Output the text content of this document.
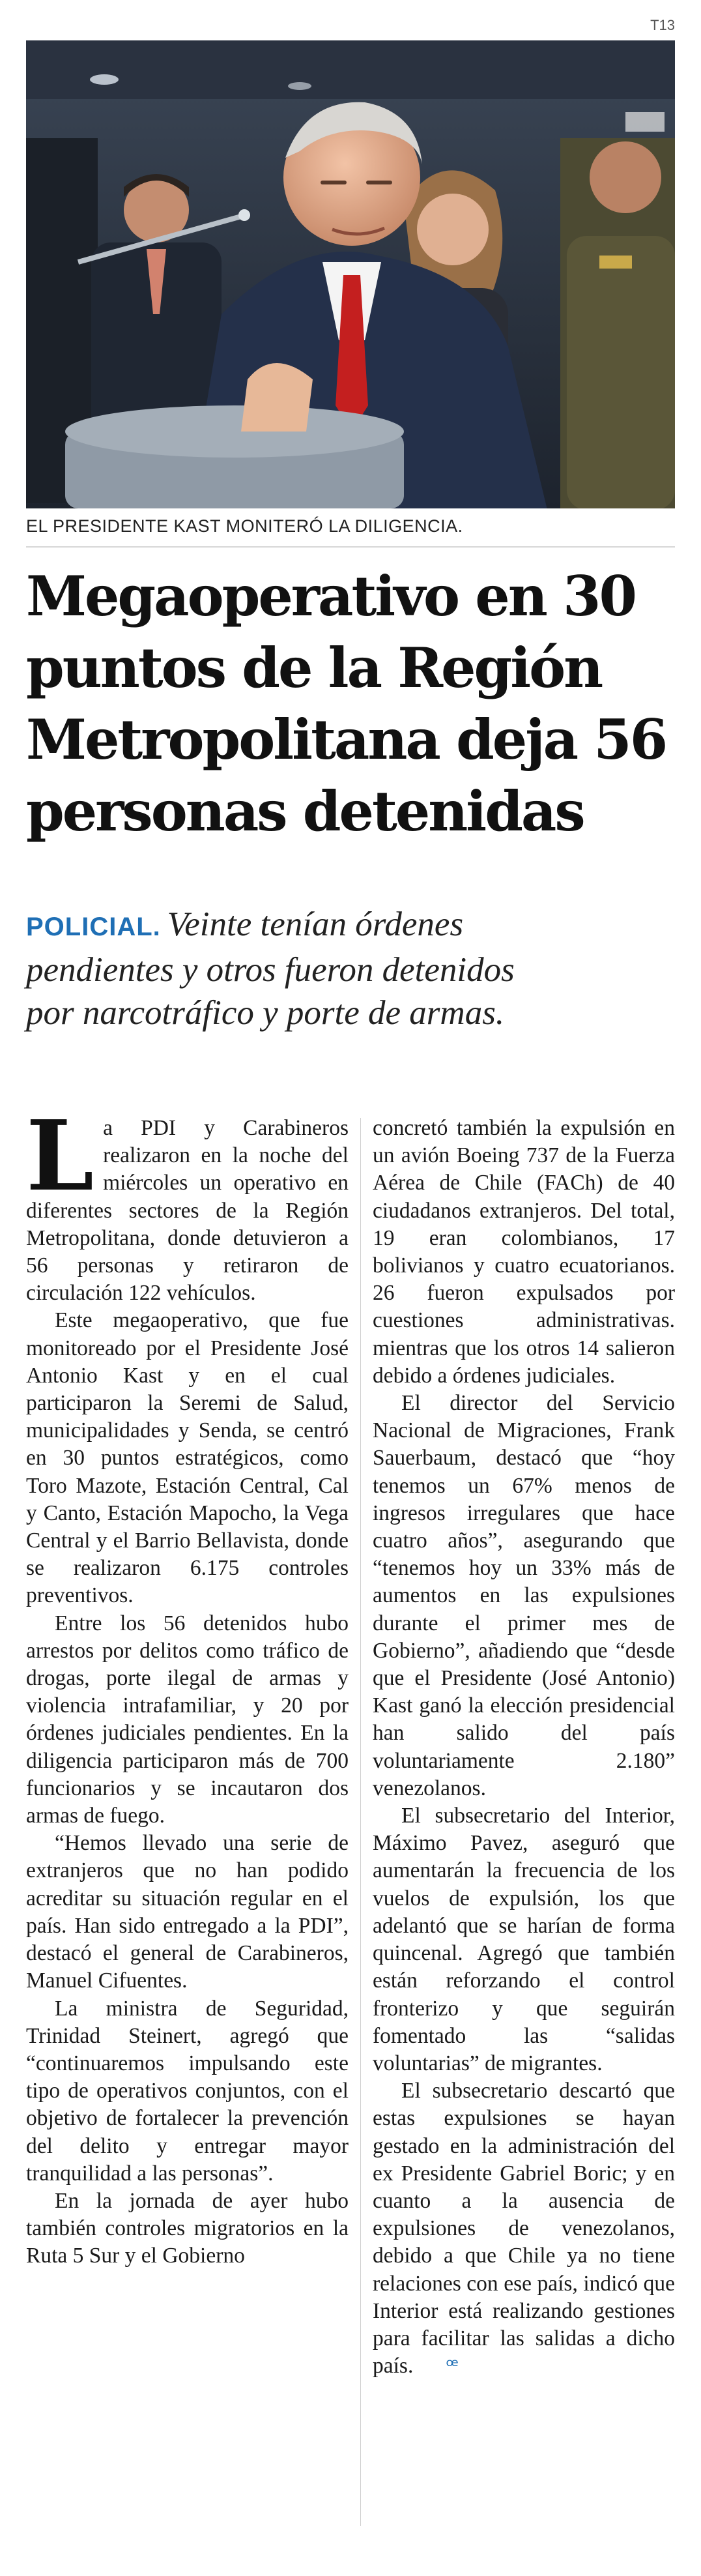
T13
EL PRESIDENTE KAST MONITERÓ LA DILIGENCIA.
Megaoperativo en 30
puntos de la Región
Metropolitana deja 56
personas detenidas
POLICIAL. Veinte tenían órdenes
pendientes y otros fueron detenidos
por narcotráfico y porte de armas.

La PDI y Carabineros realizaron en la noche del miércoles un operativo en diferentes sectores de la Región Metropolitana, donde detuvieron a 56 personas y retiraron de circulación 122 vehículos.

Este megaoperativo, que fue monitoreado por el Presidente José Antonio Kast y en el cual participaron la Seremi de Salud, municipalidades y Senda, se centró en 30 puntos estratégicos, como Toro Mazote, Estación Central, Cal y Canto, Estación Mapocho, la Vega Central y el Barrio Bellavista, donde se realizaron 6.175 controles preventivos.

Entre los 56 detenidos hubo arrestos por delitos como tráfico de drogas, porte ilegal de armas y violencia intrafamiliar, y 20 por órdenes judiciales pendientes. En la diligencia participaron más de 700 funcionarios y se incautaron dos armas de fuego.

“Hemos llevado una serie de extranjeros que no han podido acreditar su situación regular en el país. Han sido entregado a la PDI”, destacó el general de Carabineros, Manuel Cifuentes.

La ministra de Seguridad, Trinidad Steinert, agregó que “continuaremos impulsando este tipo de operativos conjuntos, con el objetivo de fortalecer la prevención del delito y entregar mayor tranquilidad a las personas”.

En la jornada de ayer hubo también controles migratorios en la Ruta 5 Sur y el Gobierno

concretó también la expulsión en un avión Boeing 737 de la Fuerza Aérea de Chile (FACh) de 40 ciudadanos extranjeros. Del total, 19 eran colombianos, 17 bolivianos y cuatro ecuatorianos. 26 fueron expulsados por cuestiones administrativas. mientras que los otros 14 salieron debido a órdenes judiciales.

El director del Servicio Nacional de Migraciones, Frank Sauerbaum, destacó que “hoy tenemos un 67% menos de ingresos irregulares que hace cuatro años”, asegurando que “tenemos hoy un 33% más de aumentos en las expulsiones durante el primer mes de Gobierno”, añadiendo que “desde que el Presidente (José Antonio) Kast ganó la elección presidencial han salido del país voluntariamente 2.180” venezolanos.

El subsecretario del Interior, Máximo Pavez, aseguró que aumentarán la frecuencia de los vuelos de expulsión, los que adelantó que se harían de forma quincenal. Agregó que también están reforzando el control fronterizo y que seguirán fomentado las “salidas voluntarias” de migrantes.

El subsecretario descartó que estas expulsiones se hayan gestado en la administración del ex Presidente Gabriel Boric; y en cuanto a la ausencia de expulsiones de venezolanos, debido a que Chile ya no tiene relaciones con ese país, indicó que Interior está realizando gestiones para facilitar las salidas a dicho país. ꟹ
